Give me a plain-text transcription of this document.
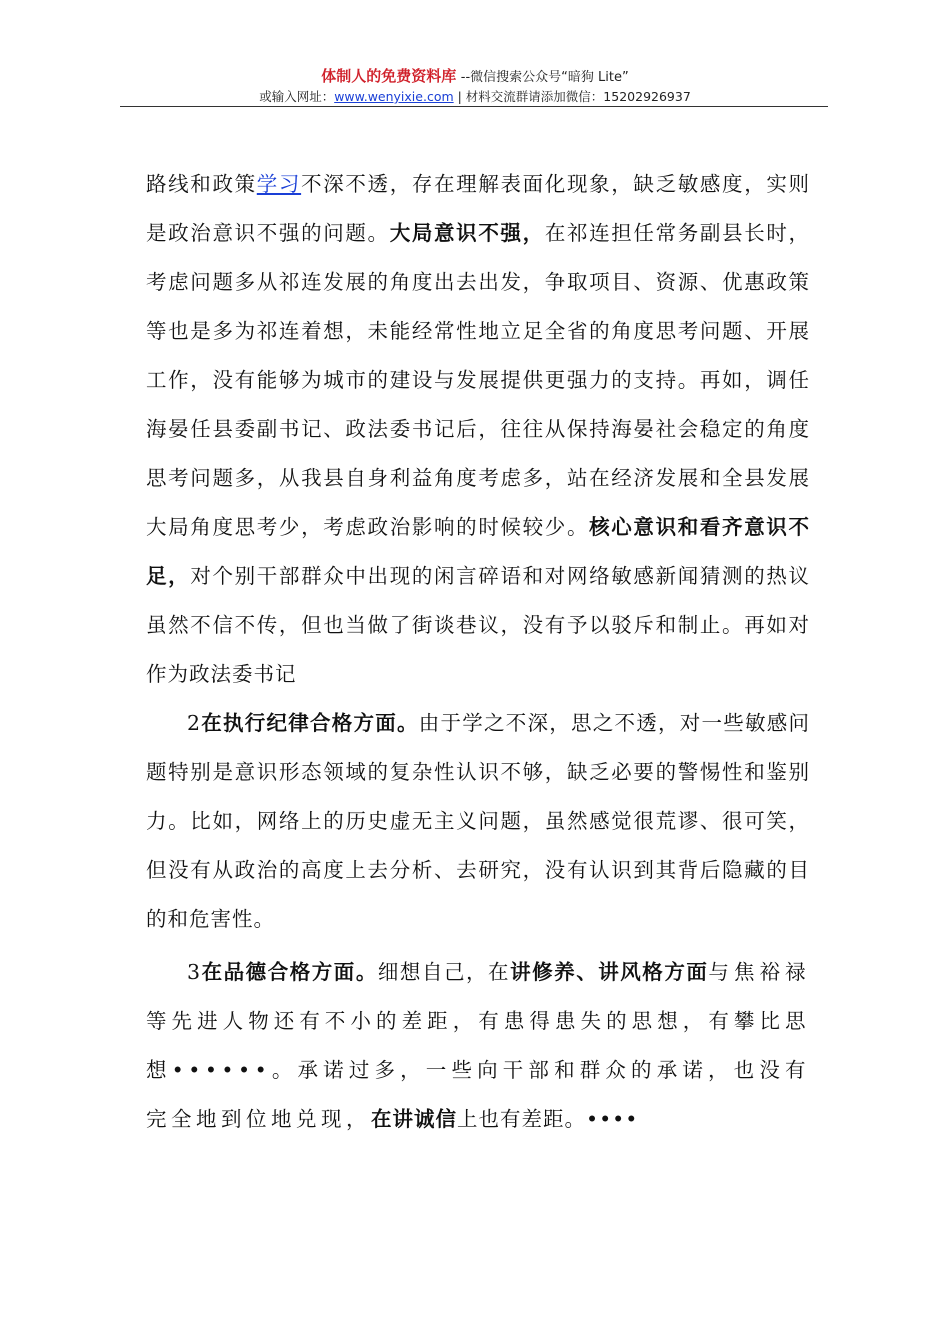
体制人的免费资料库 --微信搜索公众号“暗狗 Lite”
或输入网址：www.wenyixie.com | 材料交流群请添加微信：15202926937

路线和政策学习不深不透，存在理解表面化现象，缺乏敏感度，实则是政治意识不强的问题。大局意识不强，在祁连担任常务副县长时，考虑问题多从祁连发展的角度出去出发，争取项目、资源、优惠政策等也是多为祁连着想，未能经常性地立足全省的角度思考问题、开展工作，没有能够为城市的建设与发展提供更强力的支持。再如，调任海晏任县委副书记、政法委书记后，往往从保持海晏社会稳定的角度思考问题多，从我县自身利益角度考虑多，站在经济发展和全县发展大局角度思考少，考虑政治影响的时候较少。核心意识和看齐意识不足，对个别干部群众中出现的闲言碎语和对网络敏感新闻猜测的热议虽然不信不传，但也当做了街谈巷议，没有予以驳斥和制止。再如对作为政法委书记

2在执行纪律合格方面。由于学之不深，思之不透，对一些敏感问题特别是意识形态领域的复杂性认识不够，缺乏必要的警惕性和鉴别力。比如，网络上的历史虚无主义问题，虽然感觉很荒谬、很可笑，但没有从政治的高度上去分析、去研究，没有认识到其背后隐藏的目的和危害性。

3在品德合格方面。细想自己，在讲修养、讲风格方面与焦裕禄等先进人物还有不小的差距，有患得患失的思想，有攀比思想••••••。承诺过多，一些向干部和群众的承诺，也没有完全地到位地兑现，在讲诚信上也有差距。••••
